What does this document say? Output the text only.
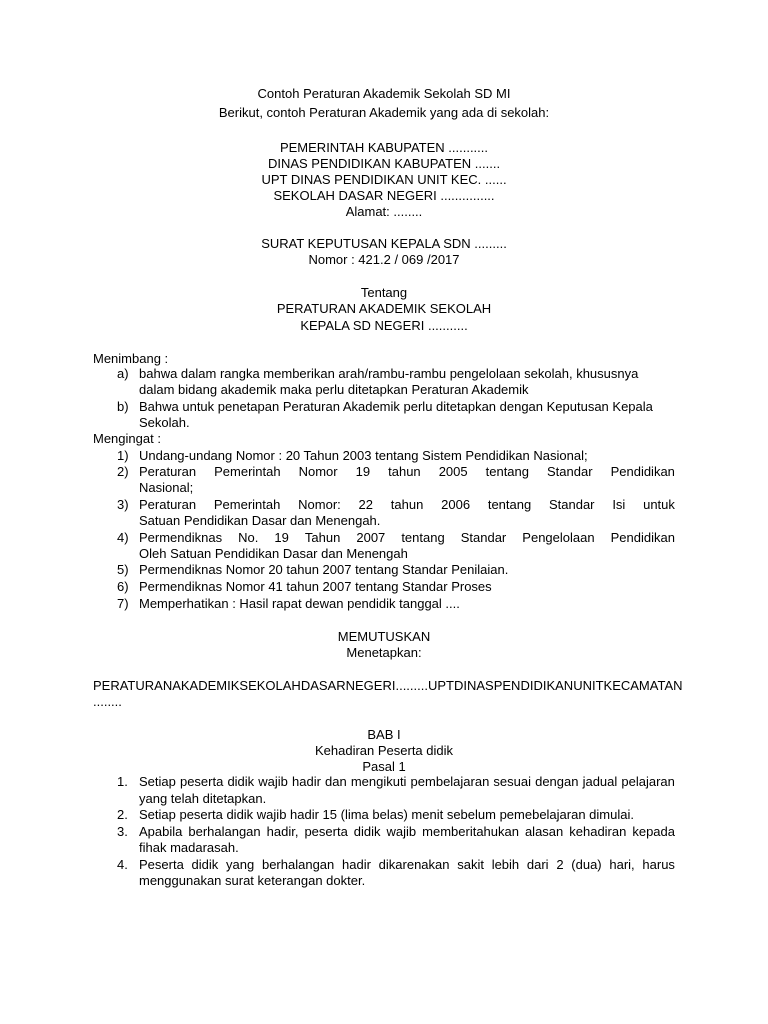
Contoh Peraturan Akademik Sekolah SD MI
Berikut, contoh Peraturan Akademik yang ada di sekolah:
PEMERINTAH KABUPATEN ...........
DINAS PENDIDIKAN KABUPATEN .......
UPT DINAS PENDIDIKAN UNIT KEC. ......
SEKOLAH DASAR NEGERI ...............
Alamat: ........
SURAT KEPUTUSAN KEPALA SDN .........
Nomor : 421.2 / 069 /2017
Tentang
PERATURAN AKADEMIK SEKOLAH
KEPALA SD NEGERI ...........
Menimbang :
a) bahwa dalam rangka memberikan arah/rambu-rambu pengelolaan sekolah, khususnya
dalam bidang akademik maka perlu ditetapkan Peraturan Akademik
b) Bahwa untuk penetapan Peraturan Akademik perlu ditetapkan dengan Keputusan Kepala
Sekolah.
Mengingat :
1) Undang-undang Nomor : 20 Tahun 2003 tentang Sistem Pendidikan Nasional;
2) Peraturan Pemerintah Nomor 19 tahun 2005 tentang Standar Pendidikan
Nasional;
3) Peraturan Pemerintah Nomor: 22 tahun 2006 tentang Standar Isi untuk
Satuan Pendidikan Dasar dan Menengah.
4) Permendiknas No. 19 Tahun 2007 tentang Standar Pengelolaan Pendidikan
Oleh Satuan Pendidikan Dasar dan Menengah
5) Permendiknas Nomor 20 tahun 2007 tentang Standar Penilaian.
6) Permendiknas Nomor 41 tahun 2007 tentang Standar Proses
7) Memperhatikan : Hasil rapat dewan pendidik tanggal ....
MEMUTUSKAN
Menetapkan:
PERATURAN AKADEMIK SEKOLAH DASAR NEGERI ......... UPT DINAS PENDIDIKAN UNIT KECAMATAN
........
BAB I
Kehadiran Peserta didik
Pasal 1
1. Setiap peserta didik wajib hadir dan mengikuti pembelajaran sesuai dengan jadual pelajaran
yang telah ditetapkan.
2. Setiap peserta didik wajib hadir 15 (lima belas) menit sebelum pemebelajaran dimulai.
3. Apabila berhalangan hadir, peserta didik wajib memberitahukan alasan kehadiran kepada
fihak madarasah.
4. Peserta didik yang berhalangan hadir dikarenakan sakit lebih dari 2 (dua) hari, harus
menggunakan surat keterangan dokter.
